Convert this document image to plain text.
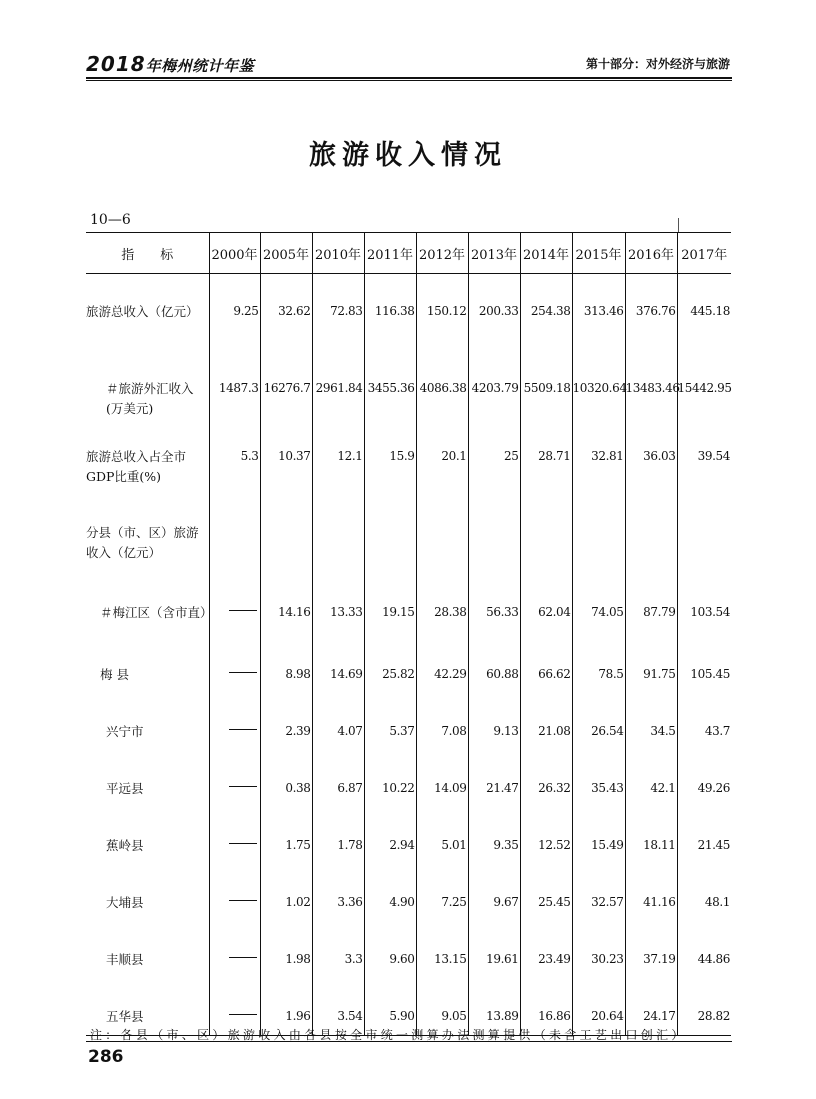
2018年梅州统计年鉴	第十部分：对外经济与旅游
旅游收入情况
10—6
指　　标	2000年	2005年	2010年	2011年	2012年	2013年	2014年	2015年	2016年	2017年
旅游总收入（亿元）	9.25	32.62	72.83	116.38	150.12	200.33	254.38	313.46	376.76	445.18
＃旅游外汇收入
(万美元)	1487.3	16276.7	2961.84	3455.36	4086.38	4203.79	5509.18	10320.64	13483.46	15442.95
旅游总收入占全市
GDP比重(%)	5.3	10.37	12.1	15.9	20.1	25	28.71	32.81	36.03	39.54
分县（市、区）旅游
收入（亿元）										
＃梅江区（含市直）		14.16	13.33	19.15	28.38	56.33	62.04	74.05	87.79	103.54
梅 县		8.98	14.69	25.82	42.29	60.88	66.62	78.5	91.75	105.45
兴宁市		2.39	4.07	5.37	7.08	9.13	21.08	26.54	34.5	43.7
平远县		0.38	6.87	10.22	14.09	21.47	26.32	35.43	42.1	49.26
蕉岭县		1.75	1.78	2.94	5.01	9.35	12.52	15.49	18.11	21.45
大埔县		1.02	3.36	4.90	7.25	9.67	25.45	32.57	41.16	48.1
丰顺县		1.98	3.3	9.60	13.15	19.61	23.49	30.23	37.19	44.86
五华县		1.96	3.54	5.90	9.05	13.89	16.86	20.64	24.17	28.82
注：各县（市、区）旅游收入由各县按全市统一测算办法测算提供（未含工艺出口创汇）
286
